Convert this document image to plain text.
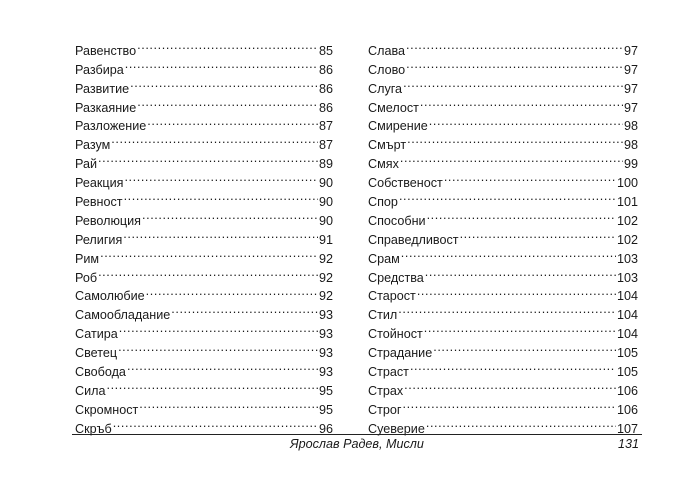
Равенство .....	85
Разбира .....	86
Развитие .....	86
Разкаяние .....	86
Разложение .....	87
Разум .....	87
Рай .....	89
Реакция .....	90
Ревност .....	90
Революция .....	90
Религия .....	91
Рим .....	92
Роб .....	92
Самолюбие .....	92
Самообладание .....	93
Сатира .....	93
Светец .....	93
Свобода .....	93
Сила .....	95
Скромност .....	95
Скръб .....	96
Слава .....	97
Слово .....	97
Слуга .....	97
Смелост .....	97
Смирение .....	98
Смърт .....	98
Смях .....	99
Собственост .....	100
Спор .....	101
Способни .....	102
Справедливост .....	102
Срам .....	103
Средства .....	103
Старост .....	104
Стил .....	104
Стойност .....	104
Страдание .....	105
Страст .....	105
Страх .....	106
Строг .....	106
Суеверие .....	107
Ярослав Радев, Мисли	131
